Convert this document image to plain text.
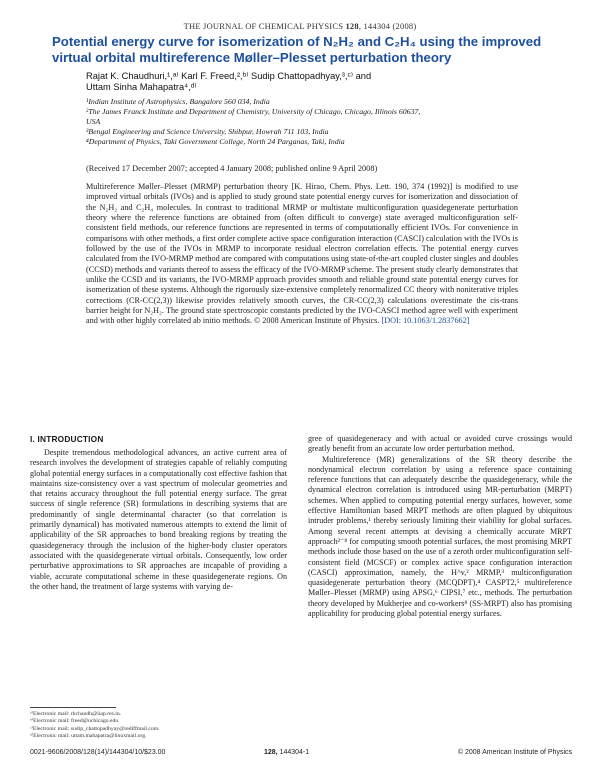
THE JOURNAL OF CHEMICAL PHYSICS 128, 144304 (2008)
Potential energy curve for isomerization of N₂H₂ and C₂H₄ using the improved virtual orbital multireference Møller–Plesset perturbation theory
Rajat K. Chaudhuri,¹,ᵃ⁾ Karl F. Freed,²,ᵇ⁾ Sudip Chattopadhyay,³,ᶜ⁾ and
Uttam Sinha Mahapatra⁴,ᵈ⁾
¹Indian Institute of Astrophysics, Bangalore 560 034, India
²The James Franck Institute and Department of Chemistry, University of Chicago, Chicago, Illinois 60637,
USA
³Bengal Engineering and Science University, Shibpur, Howrah 711 103, India
⁴Department of Physics, Taki Government College, North 24 Parganas, Taki, India
(Received 17 December 2007; accepted 4 January 2008; published online 9 April 2008)
Multireference Møller–Plesset (MRMP) perturbation theory [K. Hirao, Chem. Phys. Lett. 190, 374 (1992)] is modified to use improved virtual orbitals (IVOs) and is applied to study ground state potential energy curves for isomerization and dissociation of the N₂H₂ and C₂H₄ molecules. In contrast to traditional MRMP or multistate multiconfiguration quasidegenerate perturbation theory where the reference functions are obtained from (often difficult to converge) state averaged multiconfiguration self-consistent field methods, our reference functions are represented in terms of computationally efficient IVOs. For convenience in comparisons with other methods, a first order complete active space configuration interaction (CASCI) calculation with the IVOs is followed by the use of the IVOs in MRMP to incorporate residual electron correlation effects. The potential energy curves calculated from the IVO-MRMP method are compared with computations using state-of-the-art coupled cluster singles and doubles (CCSD) methods and variants thereof to assess the efficacy of the IVO-MRMP scheme. The present study clearly demonstrates that unlike the CCSD and its variants, the IVO-MRMP approach provides smooth and reliable ground state potential energy curves for isomerization of these systems. Although the rigorously size-extensive completely renormalized CC theory with noniterative triples corrections (CR-CC(2,3)) likewise provides relatively smooth curves, the CR-CC(2,3) calculations overestimate the cis-trans barrier height for N₂H₂. The ground state spectroscopic constants predicted by the IVO-CASCI method agree well with experiment and with other highly correlated ab initio methods. © 2008 American Institute of Physics. [DOI: 10.1063/1.2837662]
I. INTRODUCTION

Despite tremendous methodological advances, an active current area of research involves the development of strategies capable of reliably computing global potential energy surfaces in a computationally cost effective fashion that maintains size-consistency over a vast spectrum of molecular geometries and that retains accuracy throughout the full potential energy surface. The great success of single reference (SR) formulations in describing systems that are predominantly of single determinantal character (so that correlation is primarily dynamical) has motivated numerous attempts to extend the limit of applicability of the SR approaches to bond breaking regions by treating the quasidegeneracy through the inclusion of the higher-body cluster operators associated with the quasidegenerate virtual orbitals. Consequently, low order perturbative approximations to SR approaches are incapable of providing a viable, accurate computational scheme in these quasidegenerate regions. On the other hand, the treatment of large systems with varying de-

gree of quasidegeneracy and with actual or avoided curve crossings would greatly benefit from an accurate low order perturbation method.

Multireference (MR) generalizations of the SR theory describe the nondynamical electron correlation by using a reference space containing reference functions that can adequately describe the quasidegeneracy, while the dynamical electron correlation is introduced using MR-perturbation (MRPT) schemes. When applied to computing potential energy surfaces, however, some effective Hamiltonian based MRPT methods are often plagued by ubiquitous intruder problems,¹ thereby seriously limiting their viability for global surfaces. Among several recent attempts at devising a chemically accurate MRPT approach²⁻⁸ for computing smooth potential surfaces, the most promising MRPT methods include those based on the use of a zeroth order multiconfiguration self-consistent field (MCSCF) or complex active space configuration interaction (CASCI) approximation, namely, the H^v,² MRMP,³ multiconfiguration quasidegenerate perturbation theory (MCQDPT),⁴ CASPT2,⁵ multireference Møller–Plesset (MRMP) using APSG,⁶ CIPSI,⁷ etc., methods. The perturbation theory developed by Mukherjee and co-workers⁸ (SS-MRPT) also has promising applicability for producing global potential energy surfaces.

ᵃ⁾Electronic mail: rkchaudh@iiap.res.in.
ᵇ⁾Electronic mail: freed@uchicago.edu.
ᶜ⁾Electronic mail: sudip_chattopadhyay@rediffmail.com.
ᵈ⁾Electronic mail: uttam.mahapatra@linuxmail.org.
0021-9606/2008/128(14)/144304/10/$23.00	128, 144304-1	© 2008 American Institute of Physics
